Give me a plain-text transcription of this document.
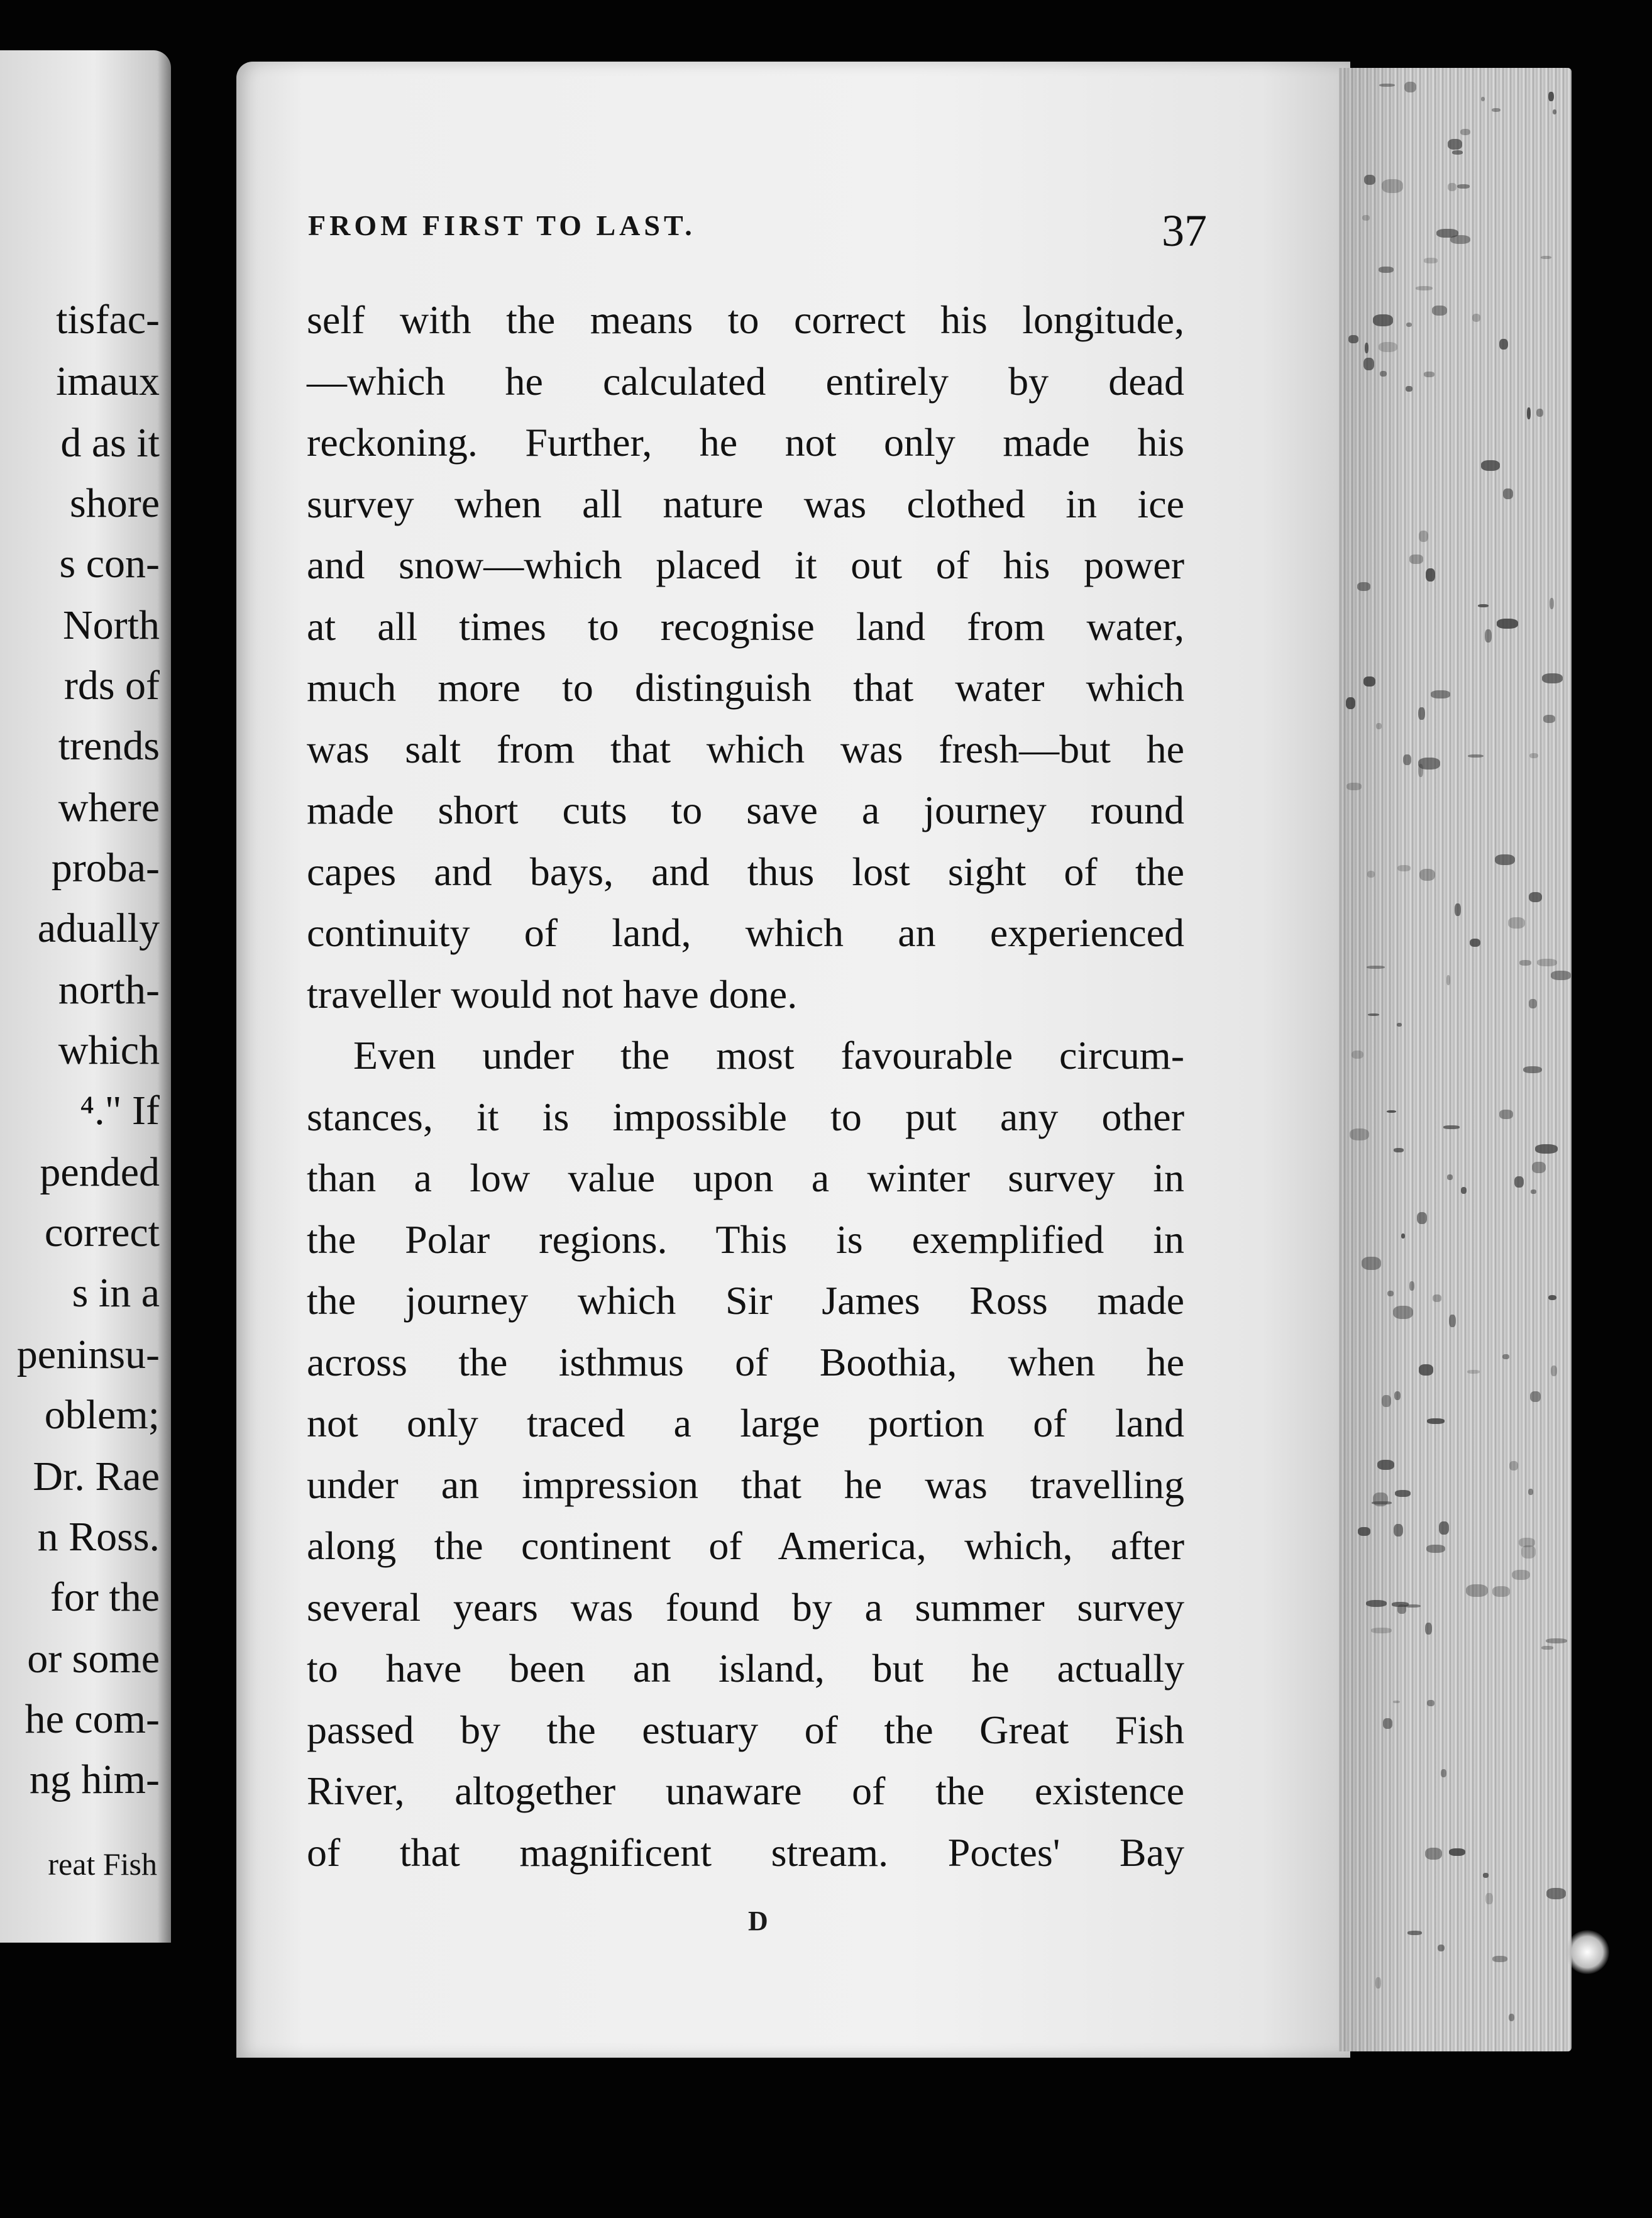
tisfac-
imaux
d as it
shore
s con-
North
rds of
trends
where
proba-
adually
north-
which
⁴." If
pended
correct
s in a
peninsu-
oblem;
Dr. Rae
n Ross.
for the
or some
he com-
ng him-
reat Fish
FROM FIRST TO LAST.	37
self with the means to correct his longitude,
—which he calculated entirely by dead
reckoning. Further, he not only made his
survey when all nature was clothed in ice
and snow—which placed it out of his power
at all times to recognise land from water,
much more to distinguish that water which
was salt from that which was fresh—but he
made short cuts to save a journey round
capes and bays, and thus lost sight of the
continuity of land, which an experienced
traveller would not have done.
Even under the most favourable circum-
stances, it is impossible to put any other
than a low value upon a winter survey in
the Polar regions. This is exemplified in
the journey which Sir James Ross made
across the isthmus of Boothia, when he
not only traced a large portion of land
under an impression that he was travelling
along the continent of America, which, after
several years was found by a summer survey
to have been an island, but he actually
passed by the estuary of the Great Fish
River, altogether unaware of the existence
of that magnificent stream. Poctes' Bay
D
